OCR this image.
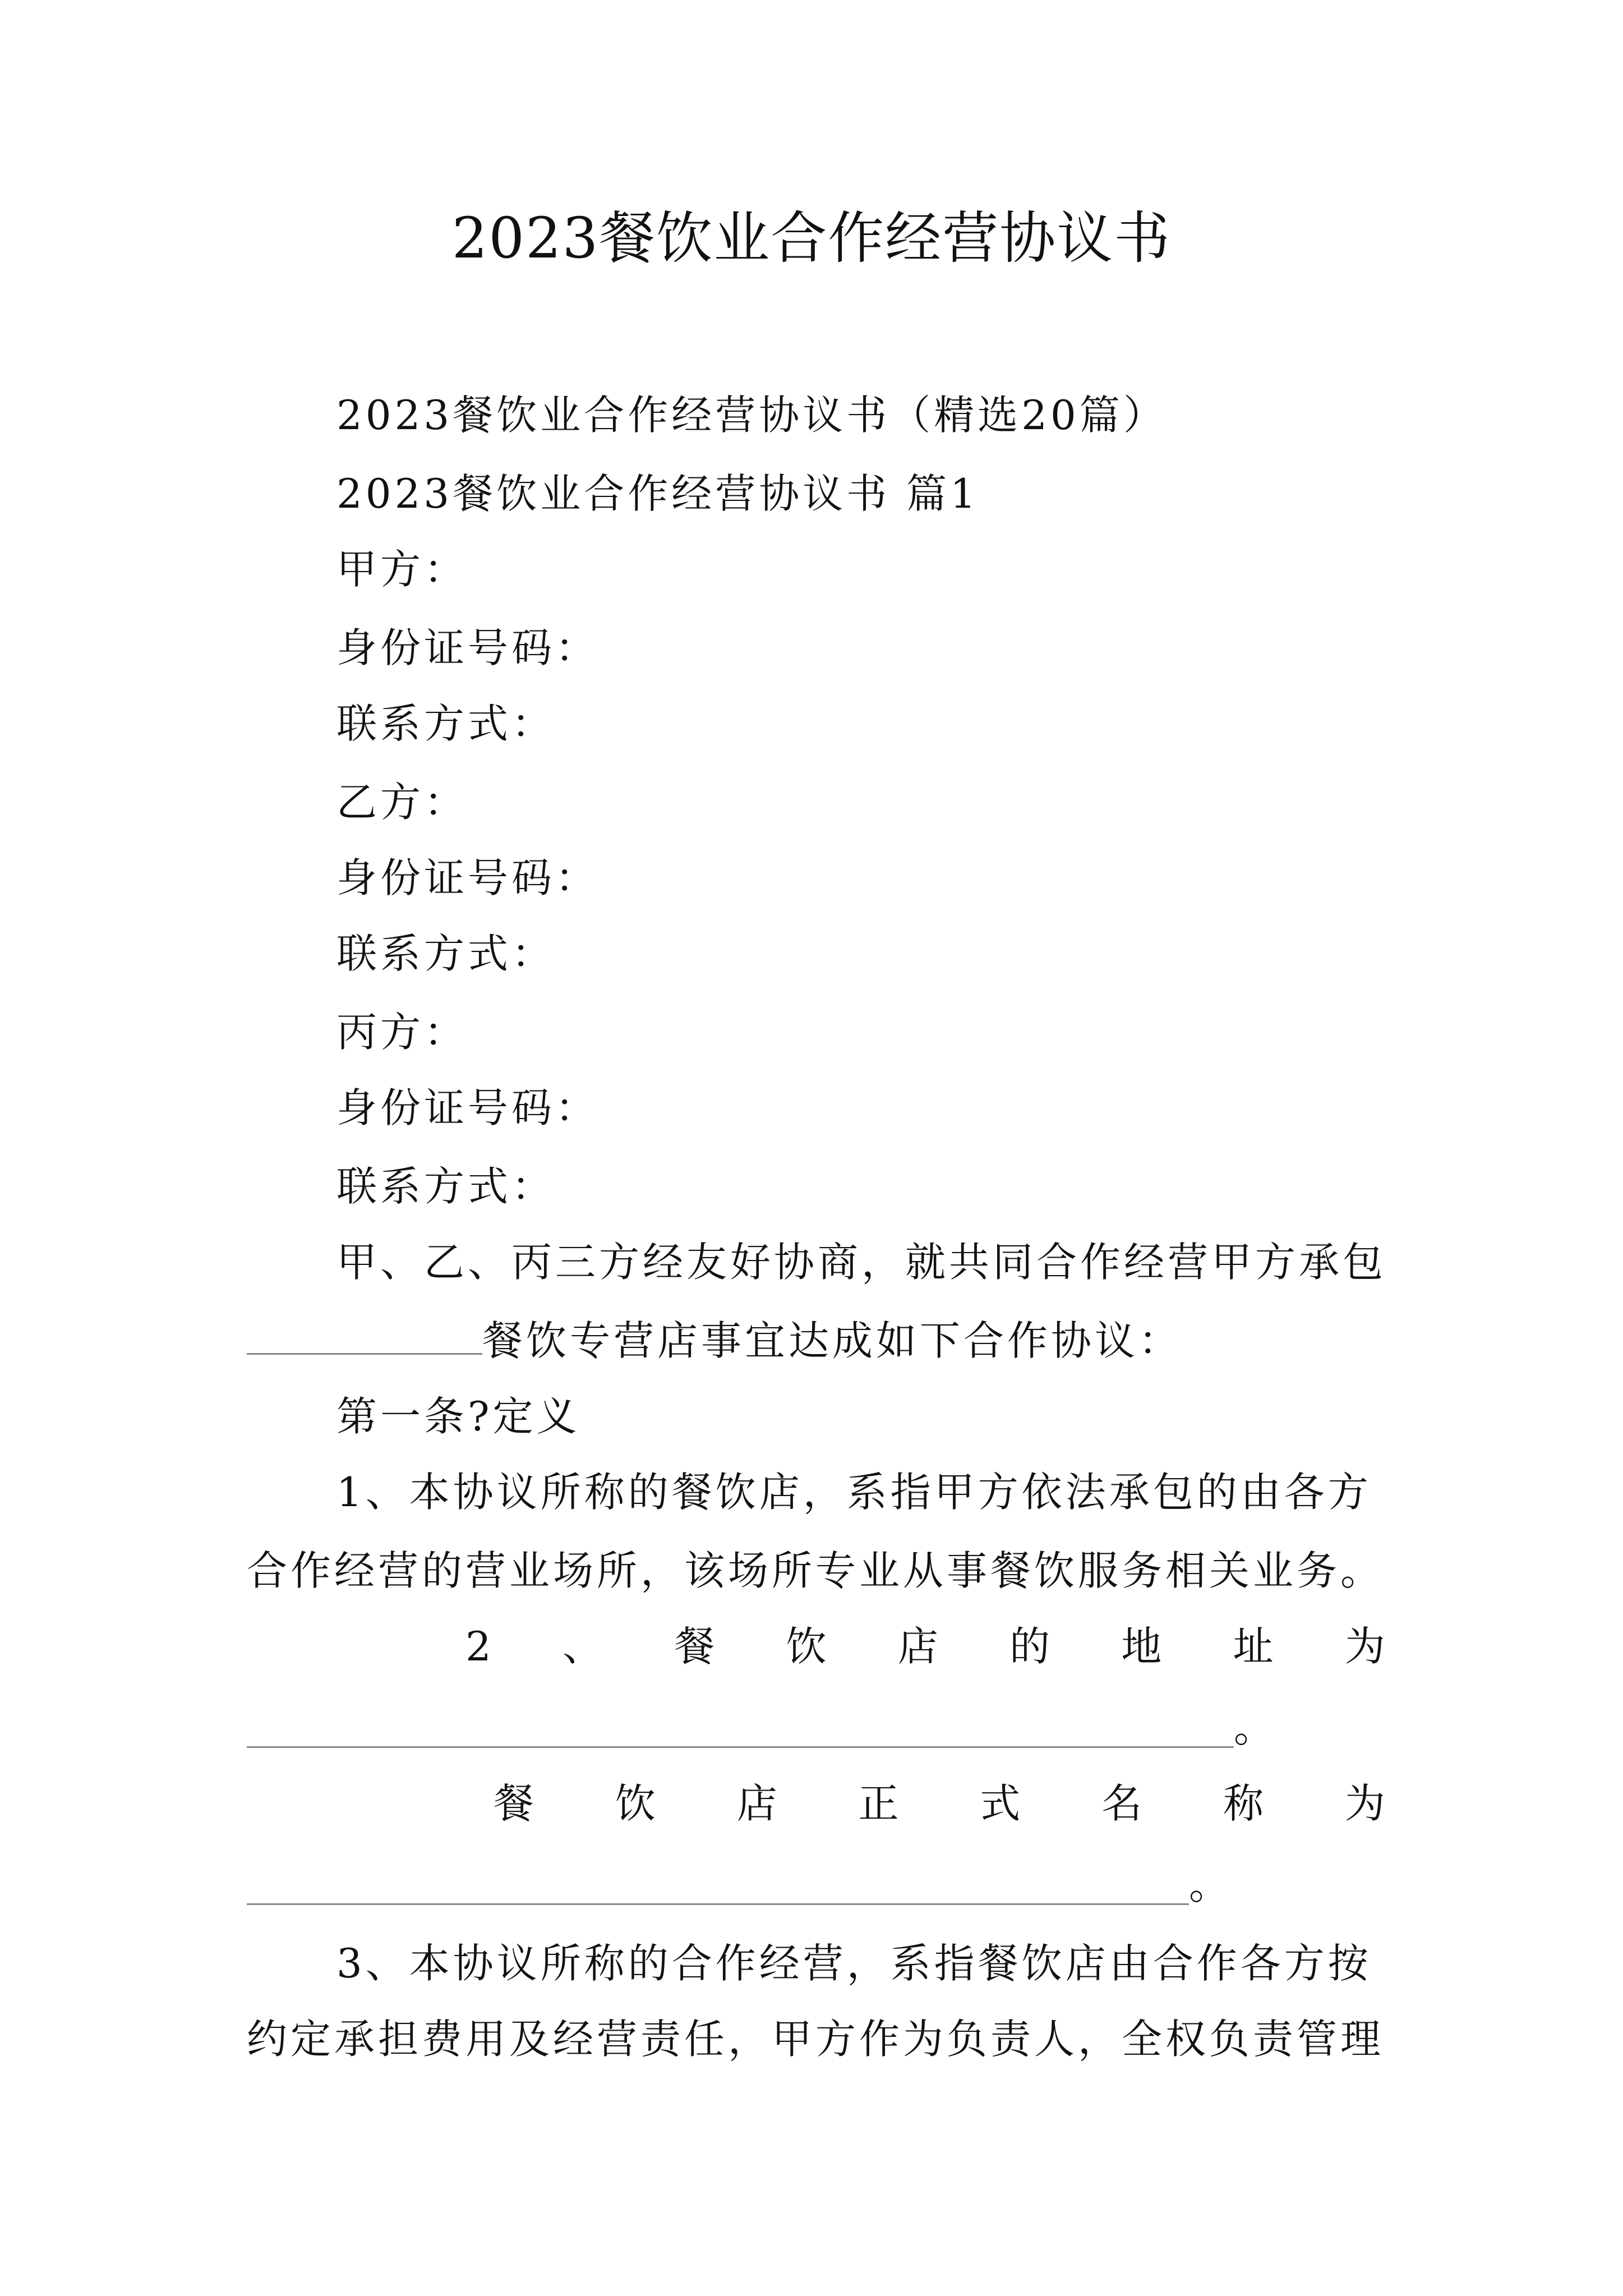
2023餐饮业合作经营协议书
2023餐饮业合作经营协议书（精选20篇）
2023餐饮业合作经营协议书 篇1
甲方：
身份证号码：
联系方式：
乙方：
身份证号码：
联系方式：
丙方：
身份证号码：
联系方式：
甲、乙、丙三方经友好协商，就共同合作经营甲方承包
餐饮专营店事宜达成如下合作协议：
第一条?定义
1、本协议所称的餐饮店，系指甲方依法承包的由各方
合作经营的营业场所，该场所专业从事餐饮服务相关业务。
2 、 餐 饮 店 的 地 址 为
。
餐 饮 店 正 式 名 称 为
。
3、本协议所称的合作经营，系指餐饮店由合作各方按
约定承担费用及经营责任，甲方作为负责人，全权负责管理
